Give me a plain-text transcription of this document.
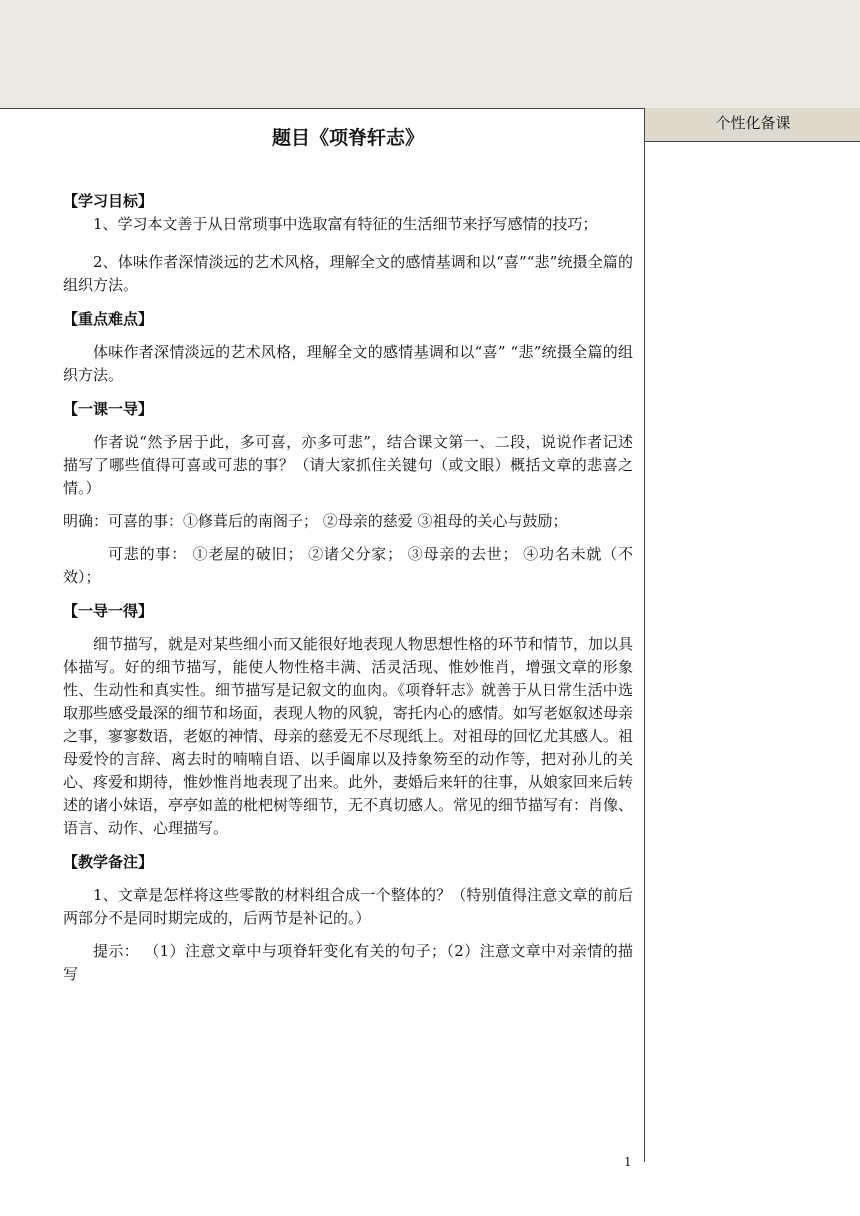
个性化备课
题目《项脊轩志》
【学习目标】

1、学习本文善于从日常琐事中选取富有特征的生活细节来抒写感情的技巧；

2、体味作者深情淡远的艺术风格，理解全文的感情基调和以“喜”“悲”统摄全篇的组织方法。

【重点难点】

体味作者深情淡远的艺术风格，理解全文的感情基调和以“喜” “悲”统摄全篇的组织方法。

【一课一导】

作者说“然予居于此，多可喜，亦多可悲”，结合课文第一、二段，说说作者记述描写了哪些值得可喜或可悲的事？（请大家抓住关键句（或文眼）概括文章的悲喜之情。）

明确：可喜的事：①修葺后的南阁子； ②母亲的慈爱 ③祖母的关心与鼓励；

可悲的事： ①老屋的破旧； ②诸父分家； ③母亲的去世； ④功名未就（不效）；

【一导一得】

细节描写，就是对某些细小而又能很好地表现人物思想性格的环节和情节，加以具体描写。好的细节描写，能使人物性格丰满、活灵活现、惟妙惟肖，增强文章的形象性、生动性和真实性。细节描写是记叙文的血肉。《项脊轩志》就善于从日常生活中选取那些感受最深的细节和场面，表现人物的风貌，寄托内心的感情。如写老妪叙述母亲之事，寥寥数语，老妪的神情、母亲的慈爱无不尽现纸上。对祖母的回忆尤其感人。祖母爱怜的言辞、离去时的喃喃自语、以手阖扉以及持象笏至的动作等，把对孙儿的关心、疼爱和期待，惟妙惟肖地表现了出来。此外，妻婚后来轩的往事，从娘家回来后转述的诸小妹语，亭亭如盖的枇杷树等细节，无不真切感人。常见的细节描写有：肖像、语言、动作、心理描写。

【教学备注】

1、文章是怎样将这些零散的材料组合成一个整体的？（特别值得注意文章的前后两部分不是同时期完成的，后两节是补记的。）

提示： （1）注意文章中与项脊轩变化有关的句子；（2）注意文章中对亲情的描写

1
